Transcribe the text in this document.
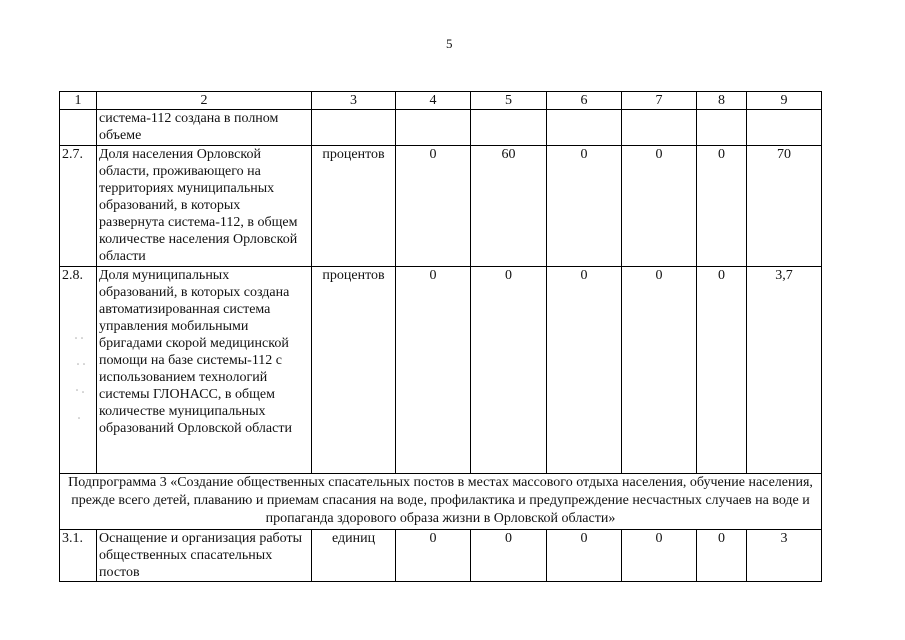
5
1	2	3	4	5	6	7	8	9
	система-112 создана в полном объеме							
2.7.	Доля населения Орловской области, проживающего на территориях муниципальных образований, в которых развернута система-112, в общем количестве населения Орловской области	процентов	0	60	0	0	0	70
2.8.	Доля муниципальных образований, в которых создана автоматизированная система управления мобильными бригадами скорой медицинской помощи на базе системы-112 с использованием технологий системы ГЛОНАСС, в общем количестве муниципальных образований Орловской области	процентов	0	0	0	0	0	3,7
Подпрограмма 3 «Создание общественных спасательных постов в местах массового отдыха населения, обучение населения, прежде всего детей, плаванию и приемам спасания на воде, профилактика и предупреждение несчастных случаев на воде и пропаганда здорового образа жизни в Орловской области»								
3.1.	Оснащение и организация работы общественных спасательных постов	единиц	0	0	0	0	0	3
